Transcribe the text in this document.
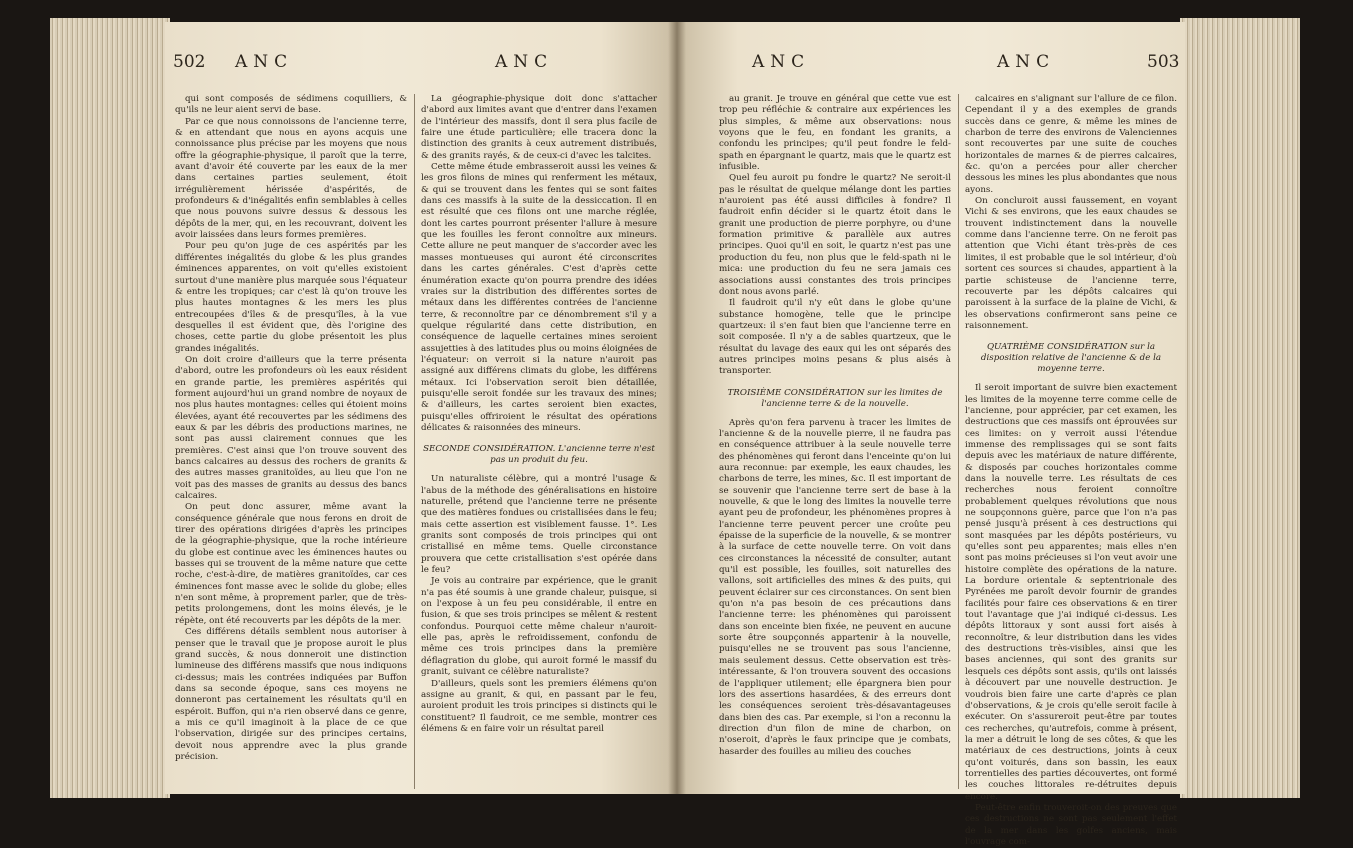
502 ANC	ANC

qui sont composés de sédimens coquilliers, & qu'ils ne leur aient servi de base.

Par ce que nous connoissons de l'ancienne terre, & en attendant que nous en ayons acquis une connoissance plus précise par les moyens que nous offre la géographie-physique, il paroît que la terre, avant d'avoir été couverte par les eaux de la mer dans certaines parties seulement, étoit irrégulièrement hérissée d'aspérités, de profondeurs & d'inégalités enfin semblables à celles que nous pouvons suivre dessus & dessous les dépôts de la mer, qui, en les recouvrant, doivent les avoir laissées dans leurs formes premières.

Pour peu qu'on juge de ces aspérités par les différentes inégalités du globe & les plus grandes éminences apparentes, on voit qu'elles existoient surtout d'une manière plus marquée sous l'équateur & entre les tropiques; car c'est là qu'on trouve les plus hautes montagnes & les mers les plus entrecoupées d'îles & de presqu'îles, à la vue desquelles il est évident que, dès l'origine des choses, cette partie du globe présentoit les plus grandes inégalités.

On doit croire d'ailleurs que la terre présenta d'abord, outre les profondeurs où les eaux résident en grande partie, les premières aspérités qui forment aujourd'hui un grand nombre de noyaux de nos plus hautes montagnes: celles qui étoient moins élevées, ayant été recouvertes par les sédimens des eaux & par les débris des productions marines, ne sont pas aussi clairement connues que les premières. C'est ainsi que l'on trouve souvent des bancs calcaires au dessus des rochers de granits & des autres masses granitoïdes, au lieu que l'on ne voit pas des masses de granits au dessus des bancs calcaires.

On peut donc assurer, même avant la conséquence générale que nous ferons en droit de tirer des opérations dirigées d'après les principes de la géographie-physique, que la roche intérieure du globe est continue avec les éminences hautes ou basses qui se trouvent de la même nature que cette roche, c'est-à-dire, de matières granitoïdes, car ces éminences font masse avec le solide du globe; elles n'en sont même, à proprement parler, que de très-petits prolongemens, dont les moins élevés, je le répète, ont été recouverts par les dépôts de la mer.

Ces différens détails semblent nous autoriser à penser que le travail que je propose auroit le plus grand succès, & nous donneroit une distinction lumineuse des différens massifs que nous indiquons ci-dessus; mais les contrées indiquées par Buffon dans sa seconde époque, sans ces moyens ne donneront pas certainement les résultats qu'il en espéroit. Buffon, qui n'a rien observé dans ce genre, a mis ce qu'il imaginoit à la place de ce que l'observation, dirigée sur des principes certains, devoit nous apprendre avec la plus grande précision.

La géographie-physique doit donc s'attacher d'abord aux limites avant que d'entrer dans l'examen de l'intérieur des massifs, dont il sera plus facile de faire une étude particulière; elle tracera donc la distinction des granits à ceux autrement distribués, & des granits rayés, & de ceux-ci d'avec les talcites.

Cette même étude embrasseroit aussi les veines & les gros filons de mines qui renferment les métaux, & qui se trouvent dans les fentes qui se sont faites dans ces massifs à la suite de la dessiccation. Il en est résulté que ces filons ont une marche réglée, dont les cartes pourront présenter l'allure à mesure que les fouilles les feront connoître aux mineurs. Cette allure ne peut manquer de s'accorder avec les masses montueuses qui auront été circonscrites dans les cartes générales. C'est d'après cette énumération exacte qu'on pourra prendre des idées vraies sur la distribution des différentes sortes de métaux dans les différentes contrées de l'ancienne terre, & reconnoître par ce dénombrement s'il y a quelque régularité dans cette distribution, en conséquence de laquelle certaines mines seroient assujetties à des latitudes plus ou moins éloignées de l'équateur: on verroit si la nature n'auroit pas assigné aux différens climats du globe, les différens métaux. Ici l'observation seroit bien détaillée, puisqu'elle seroit fondée sur les travaux des mines; & d'ailleurs, les cartes seroient bien exactes, puisqu'elles offriroient le résultat des opérations délicates & raisonnées des mineurs.

SECONDE CONSIDÉRATION. L'ancienne terre n'est pas un produit du feu.

Un naturaliste célèbre, qui a montré l'usage & l'abus de la méthode des généralisations en histoire naturelle, prétend que l'ancienne terre ne présente que des matières fondues ou cristallisées dans le feu; mais cette assertion est visiblement fausse. 1°. Les granits sont composés de trois principes qui ont cristallisé en même tems. Quelle circonstance prouvera que cette cristallisation s'est opérée dans le feu?

Je vois au contraire par expérience, que le granit n'a pas été soumis à une grande chaleur, puisque, si on l'expose à un feu peu considérable, il entre en fusion, & que ses trois principes se mêlent & restent confondus. Pourquoi cette même chaleur n'auroit-elle pas, après le refroidissement, confondu de même ces trois principes dans la première déflagration du globe, qui auroit formé le massif du granit, suivant ce célèbre naturaliste?

D'ailleurs, quels sont les premiers élémens qu'on assigne au granit, & qui, en passant par le feu, auroient produit les trois principes si distincts qui le constituent? Il faudroit, ce me semble, montrer ces élémens & en faire voir un résultat pareil

ANC	ANC	503

au granit. Je trouve en général que cette vue est trop peu réfléchie & contraire aux expériences les plus simples, & même aux observations: nous voyons que le feu, en fondant les granits, a confondu les principes; qu'il peut fondre le feld-spath en épargnant le quartz, mais que le quartz est infusible.

Quel feu auroit pu fondre le quartz? Ne seroit-il pas le résultat de quelque mélange dont les parties n'auroient pas été aussi difficiles à fondre? Il faudroit enfin décider si le quartz étoit dans le granit une production de pierre porphyre, ou d'une formation primitive & parallèle aux autres principes. Quoi qu'il en soit, le quartz n'est pas une production du feu, non plus que le feld-spath ni le mica: une production du feu ne sera jamais ces associations aussi constantes des trois principes dont nous avons parlé.

Il faudroit qu'il n'y eût dans le globe qu'une substance homogène, telle que le principe quartzeux: il s'en faut bien que l'ancienne terre en soit composée. Il n'y a de sables quartzeux, que le résultat du lavage des eaux qui les ont séparés des autres principes moins pesans & plus aisés à transporter.

TROISIÈME CONSIDÉRATION sur les limites de l'ancienne terre & de la nouvelle.

Après qu'on fera parvenu à tracer les limites de l'ancienne & de la nouvelle pierre, il ne faudra pas en conséquence attribuer à la seule nouvelle terre des phénomènes qui feront dans l'enceinte qu'on lui aura reconnue: par exemple, les eaux chaudes, les charbons de terre, les mines, &c. Il est important de se souvenir que l'ancienne terre sert de base à la nouvelle, & que le long des limites la nouvelle terre ayant peu de profondeur, les phénomènes propres à l'ancienne terre peuvent percer une croûte peu épaisse de la superficie de la nouvelle, & se montrer à la surface de cette nouvelle terre. On voit dans ces circonstances la nécessité de consulter, autant qu'il est possible, les fouilles, soit naturelles des vallons, soit artificielles des mines & des puits, qui peuvent éclairer sur ces circonstances. On sent bien qu'on n'a pas besoin de ces précautions dans l'ancienne terre: les phénomènes qui paroissent dans son enceinte bien fixée, ne peuvent en aucune sorte être soupçonnés appartenir à la nouvelle, puisqu'elles ne se trouvent pas sous l'ancienne, mais seulement dessus. Cette observation est très-intéressante, & l'on trouvera souvent des occasions de l'appliquer utilement; elle épargnera bien pour lors des assertions hasardées, & des erreurs dont les conséquences seroient très-désavantageuses dans bien des cas. Par exemple, si l'on a reconnu la direction d'un filon de mine de charbon, on n'oseroit, d'après le faux principe que je combats, hasarder des fouilles au milieu des couches

calcaires en s'alignant sur l'allure de ce filon. Cependant il y a des exemples de grands succès dans ce genre, & même les mines de charbon de terre des environs de Valenciennes sont recouvertes par une suite de couches horizontales de marnes & de pierres calcaires, &c. qu'on a percées pour aller chercher dessous les mines les plus abondantes que nous ayons.

On concluroit aussi faussement, en voyant Vichi & ses environs, que les eaux chaudes se trouvent indistinctement dans la nouvelle comme dans l'ancienne terre. On ne feroit pas attention que Vichi étant très-près de ces limites, il est probable que le sol intérieur, d'où sortent ces sources si chaudes, appartient à la partie schisteuse de l'ancienne terre, recouverte par les dépôts calcaires qui paroissent à la surface de la plaine de Vichi, & les observations confirmeront sans peine ce raisonnement.

QUATRIÈME CONSIDÉRATION sur la disposition relative de l'ancienne & de la moyenne terre.

Il seroit important de suivre bien exactement les limites de la moyenne terre comme celle de l'ancienne, pour apprécier, par cet examen, les destructions que ces massifs ont éprouvées sur ces limites: on y verroit aussi l'étendue immense des remplissages qui se sont faits depuis avec les matériaux de nature différente, & disposés par couches horizontales comme dans la nouvelle terre. Les résultats de ces recherches nous feroient connoître probablement quelques révolutions que nous ne soupçonnons guère, parce que l'on n'a pas pensé jusqu'à présent à ces destructions qui sont masquées par les dépôts postérieurs, vu qu'elles sont peu apparentes; mais elles n'en sont pas moins précieuses si l'on veut avoir une histoire complète des opérations de la nature. La bordure orientale & septentrionale des Pyrénées me paroît devoir fournir de grandes facilités pour faire ces observations & en tirer tout l'avantage que j'ai indiqué ci-dessus. Les dépôts littoraux y sont aussi fort aisés à reconnoître, & leur distribution dans les vides des destructions très-visibles, ainsi que les bases anciennes, qui sont des granits sur lesquels ces dépôts sont assis, qu'ils ont laissés à découvert par une nouvelle destruction. Je voudrois bien faire une carte d'après ce plan d'observations, & je crois qu'elle seroit facile à exécuter. On s'assureroit peut-être par toutes ces recherches, qu'autrefois, comme à présent, la mer a détruit le long de ses côtes, & que les matériaux de ces destructions, joints à ceux qu'ont voiturés, dans son bassin, les eaux torrentielles des parties découvertes, ont formé les couches littorales re-détruites depuis encore.

Peut-être enfin trouveroit-on des preuves que ces destructions ne sont pas seulement l'effet de la mer dans les golfes anciens, mais l'ouvrage com-
